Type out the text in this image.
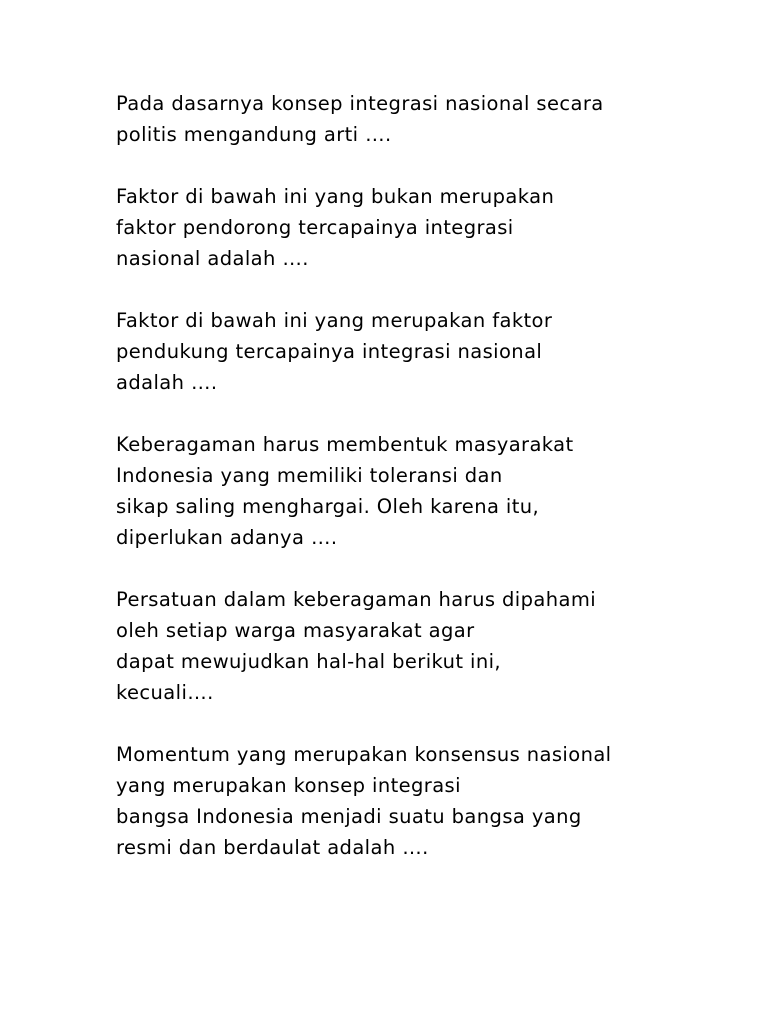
Pada dasarnya konsep integrasi nasional secara
politis mengandung arti ….

Faktor di bawah ini yang bukan merupakan
faktor pendorong tercapainya integrasi
nasional adalah ….

Faktor di bawah ini yang merupakan faktor
pendukung tercapainya integrasi nasional
adalah ….

Keberagaman harus membentuk masyarakat
Indonesia yang memiliki toleransi dan
sikap saling menghargai. Oleh karena itu,
diperlukan adanya ….

Persatuan dalam keberagaman harus dipahami
oleh setiap warga masyarakat agar
dapat mewujudkan hal-hal berikut ini,
kecuali….

Momentum yang merupakan konsensus nasional
yang merupakan konsep integrasi
bangsa Indonesia menjadi suatu bangsa yang
resmi dan berdaulat adalah ….
